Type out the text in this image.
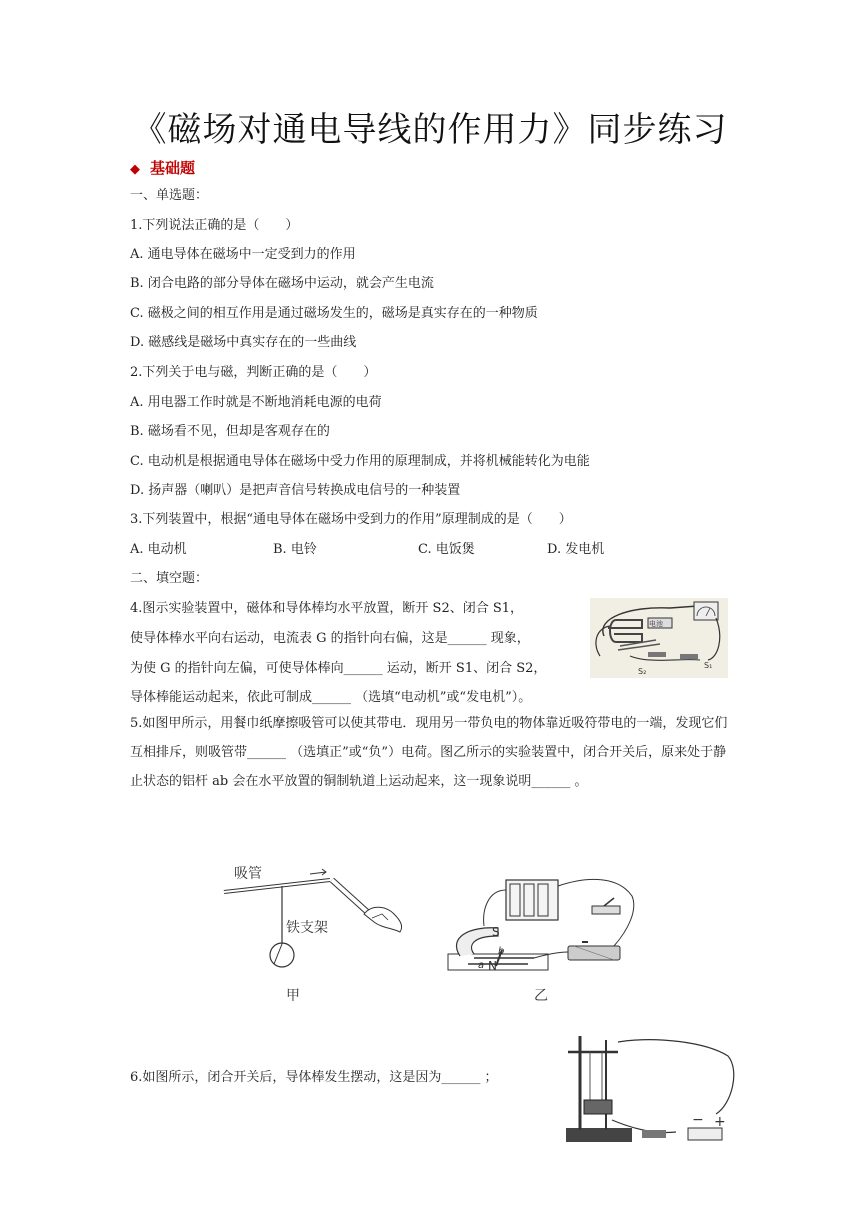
《磁场对通电导线的作用力》同步练习
◆ 基础题
一、单选题：
1.下列说法正确的是（　　）
A. 通电导体在磁场中一定受到力的作用
B. 闭合电路的部分导体在磁场中运动，就会产生电流
C. 磁极之间的相互作用是通过磁场发生的，磁场是真实存在的一种物质
D. 磁感线是磁场中真实存在的一些曲线
2.下列关于电与磁，判断正确的是（　　）
A. 用电器工作时就是不断地消耗电源的电荷
B. 磁场看不见，但却是客观存在的
C. 电动机是根据通电导体在磁场中受力作用的原理制成，并将机械能转化为电能
D. 扬声器（喇叭）是把声音信号转换成电信号的一种装置
3.下列装置中，根据“通电导体在磁场中受到力的作用”原理制成的是（　　）
A. 电动机	B. 电铃	C. 电饭煲	D. 发电机
二、填空题：
4.图示实验装置中，磁体和导体棒均水平放置，断开 S2、闭合 S1，
使导体棒水平向右运动，电流表 G 的指针向右偏，这是______ 现象，
为使 G 的指针向左偏，可使导体棒向______ 运动，断开 S1、闭合 S2，
导体棒能运动起来，依此可制成______ （选填“电动机”或“发电机”）。
电池
S₂
S₁
5.如图甲所示，用餐巾纸摩擦吸管可以使其带电．现用另一带负电的物体靠近吸符带电的一端，发现它们互相排斥，则吸管带______ （选填正”或“负”）电荷。图乙所示的实验装置中，闭合开关后，原来处于静止状态的铝杆 ab 会在水平放置的铜制轨道上运动起来，这一现象说明______ 。
吸管
铁支架
甲
S
b
a N
乙
6.如图所示，闭合开关后，导体棒发生摆动，这是因为______ ；
− +
